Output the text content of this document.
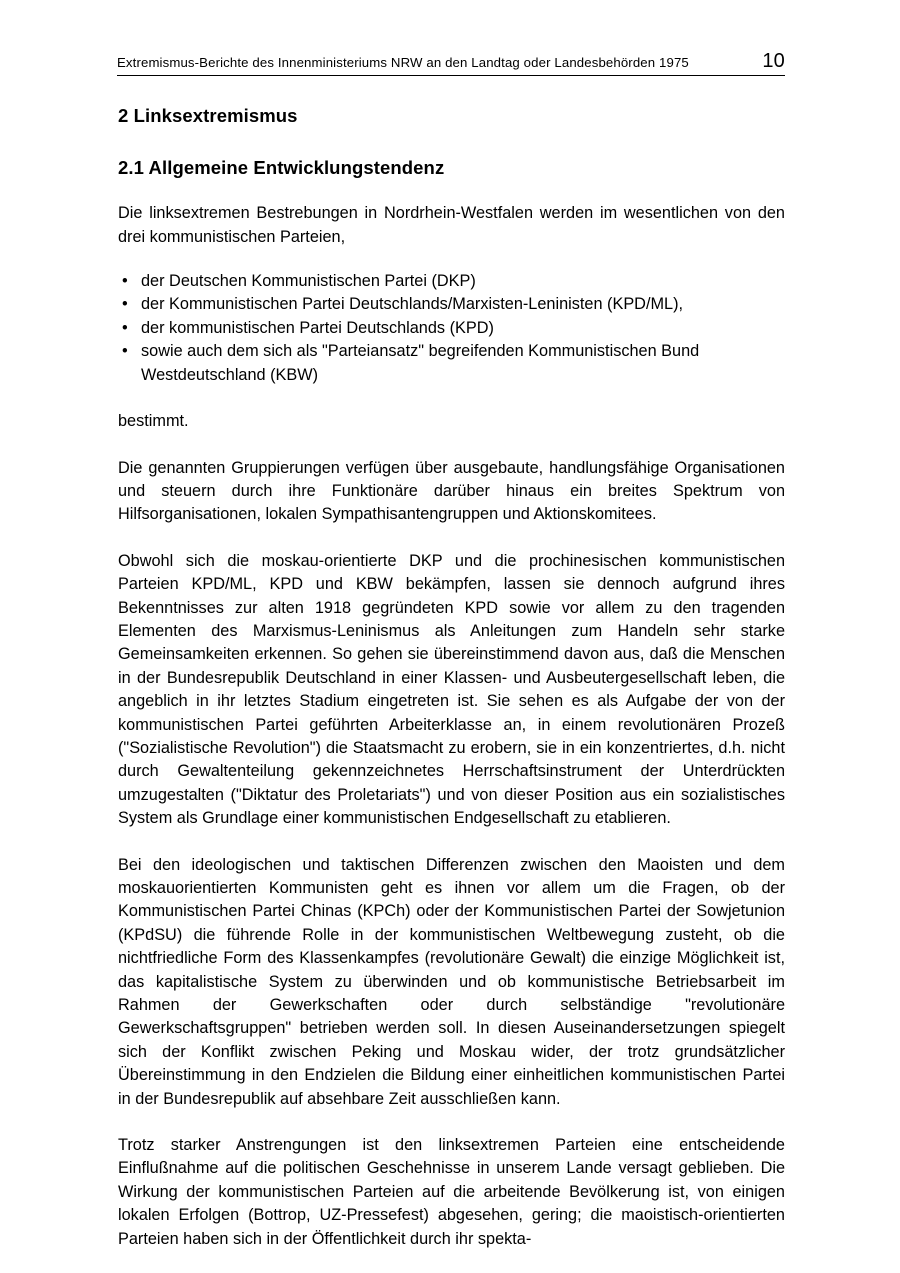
Extremismus-Berichte des Innenministeriums NRW an den Landtag oder Landesbehörden 1975	10
2 Linksextremismus
2.1 Allgemeine Entwicklungstendenz

Die linksextremen Bestrebungen in Nordrhein-Westfalen werden im wesentlichen von den drei kommunistischen Parteien,

• der Deutschen Kommunistischen Partei (DKP)
• der Kommunistischen Partei Deutschlands/Marxisten-Leninisten (KPD/ML),
• der kommunistischen Partei Deutschlands (KPD)
• sowie auch dem sich als "Parteiansatz" begreifenden Kommunistischen Bund Westdeutschland (KBW)

bestimmt.

Die genannten Gruppierungen verfügen über ausgebaute, handlungsfähige Organisationen und steuern durch ihre Funktionäre darüber hinaus ein breites Spektrum von Hilfsorganisationen, lokalen Sympathisantengruppen und Aktionskomitees.

Obwohl sich die moskau-orientierte DKP und die prochinesischen kommunistischen Parteien KPD/ML, KPD und KBW bekämpfen, lassen sie dennoch aufgrund ihres Bekenntnisses zur alten 1918 gegründeten KPD sowie vor allem zu den tragenden Elementen des Marxismus-Leninismus als Anleitungen zum Handeln sehr starke Gemeinsamkeiten erkennen. So gehen sie übereinstimmend davon aus, daß die Menschen in der Bundesrepublik Deutschland in einer Klassen- und Ausbeutergesellschaft leben, die angeblich in ihr letztes Stadium eingetreten ist. Sie sehen es als Aufgabe der von der kommunistischen Partei geführten Arbeiterklasse an, in einem revolutionären Prozeß ("Sozialistische Revolution") die Staatsmacht zu erobern, sie in ein konzentriertes, d.h. nicht durch Gewaltenteilung gekennzeichnetes Herrschaftsinstrument der Unterdrückten umzugestalten ("Diktatur des Proletariats") und von dieser Position aus ein sozialistisches System als Grundlage einer kommunistischen Endgesellschaft zu etablieren.

Bei den ideologischen und taktischen Differenzen zwischen den Maoisten und dem moskauorientierten Kommunisten geht es ihnen vor allem um die Fragen, ob der Kommunistischen Partei Chinas (KPCh) oder der Kommunistischen Partei der Sowjetunion (KPdSU) die führende Rolle in der kommunistischen Weltbewegung zusteht, ob die nichtfriedliche Form des Klassenkampfes (revolutionäre Gewalt) die einzige Möglichkeit ist, das kapitalistische System zu überwinden und ob kommunistische Betriebsarbeit im Rahmen der Gewerkschaften oder durch selbständige "revolutionäre Gewerkschaftsgruppen" betrieben werden soll. In diesen Auseinandersetzungen spiegelt sich der Konflikt zwischen Peking und Moskau wider, der trotz grundsätzlicher Übereinstimmung in den Endzielen die Bildung einer einheitlichen kommunistischen Partei in der Bundesrepublik auf absehbare Zeit ausschließen kann.

Trotz starker Anstrengungen ist den linksextremen Parteien eine entscheidende Einflußnahme auf die politischen Geschehnisse in unserem Lande versagt geblieben. Die Wirkung der kommunistischen Parteien auf die arbeitende Bevölkerung ist, von einigen lokalen Erfolgen (Bottrop, UZ-Pressefest) abgesehen, gering; die maoistisch-orientierten Parteien haben sich in der Öffentlichkeit durch ihr spekta-
